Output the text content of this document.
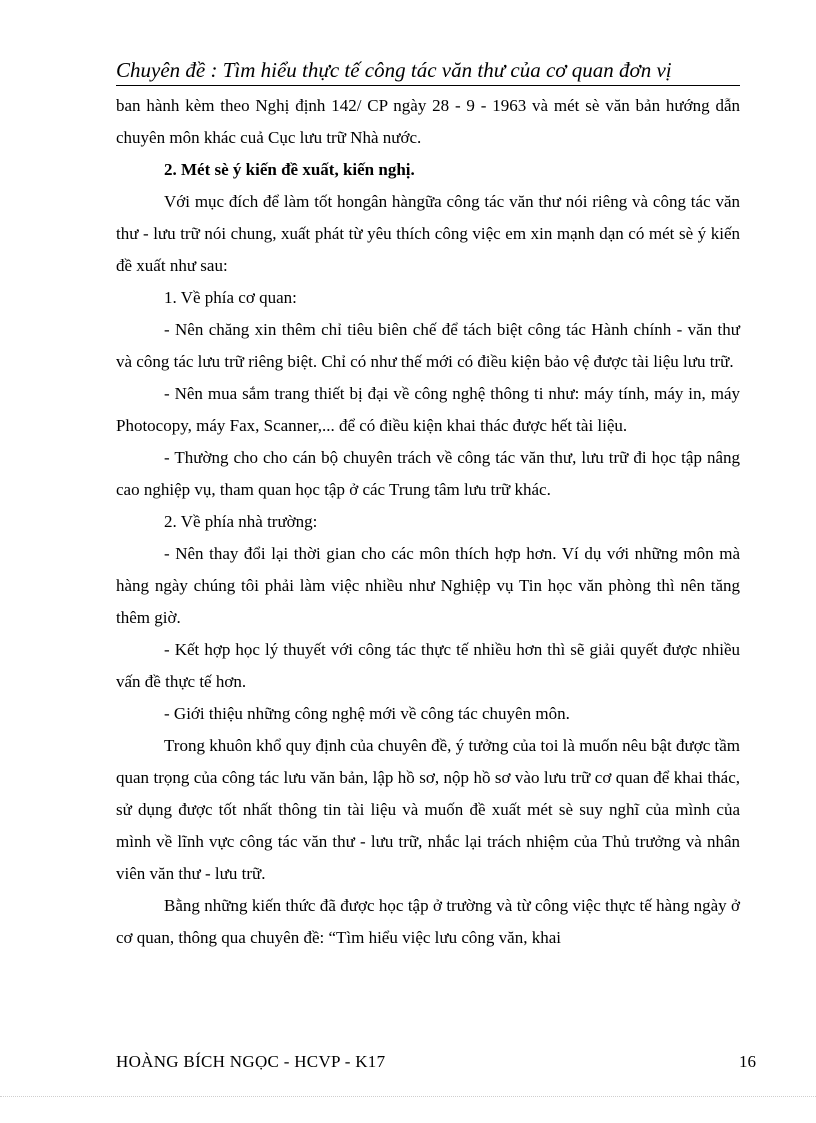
Chuyên đề : Tìm hiểu thực tế công tác văn thư của cơ quan đơn vị

ban hành kèm theo Nghị định 142/ CP ngày 28 - 9 - 1963 và mét sè văn bản hướng dẫn chuyên môn khác cuả Cục lưu trữ Nhà nước.

2. Mét sè ý kiến đề xuất, kiến nghị.

Với mục đích để làm tốt hongân hàngữa công tác văn thư nói riêng và công tác văn thư - lưu trữ nói chung, xuất phát từ yêu thích công việc em xin mạnh dạn có mét sè ý kiến đề xuất như sau:

1. Về phía cơ quan:

- Nên chăng xin thêm chỉ tiêu biên chế để tách biệt công tác Hành chính - văn thư và công tác lưu trữ riêng biệt. Chỉ có như thế mới có điều kiện bảo vệ được tài liệu lưu trữ.

- Nên mua sắm trang thiết bị đại về công nghệ thông ti như: máy tính, máy in, máy Photocopy, máy Fax, Scanner,... để có điều kiện khai thác được hết tài liệu.

- Thường cho cho cán bộ chuyên trách về công tác văn thư, lưu trữ đi học tập nâng cao nghiệp vụ, tham quan học tập ở các Trung tâm lưu trữ khác.

2. Về phía nhà trường:

- Nên thay đổi lại thời gian cho các môn thích hợp hơn. Ví dụ với những môn mà hàng ngày chúng tôi phải làm việc nhiều như Nghiệp vụ Tin học văn phòng thì nên tăng thêm giờ.

- Kết hợp học lý thuyết với công tác thực tế nhiều hơn thì sẽ giải quyết được nhiều vấn đề thực tế hơn.

- Giới thiệu những công nghệ mới về công tác chuyên môn.

Trong khuôn khổ quy định của chuyên đề, ý tưởng của toi là muốn nêu bật được tầm quan trọng của công tác lưu văn bản, lập hồ sơ, nộp hồ sơ vào lưu trữ cơ quan để khai thác, sử dụng được tốt nhất thông tin tài liệu và muốn đề xuất mét sè suy nghĩ của mình của mình về lĩnh vực công tác văn thư - lưu trữ, nhắc lại trách nhiệm của Thủ trưởng và nhân viên văn thư - lưu trữ.

Bằng những kiến thức đã được học tập ở trường và từ công việc thực tế hàng ngày ở cơ quan, thông qua chuyên đề: “Tìm hiểu việc lưu công văn, khai

HOÀNG BÍCH NGỌC - HCVP - K17	16
